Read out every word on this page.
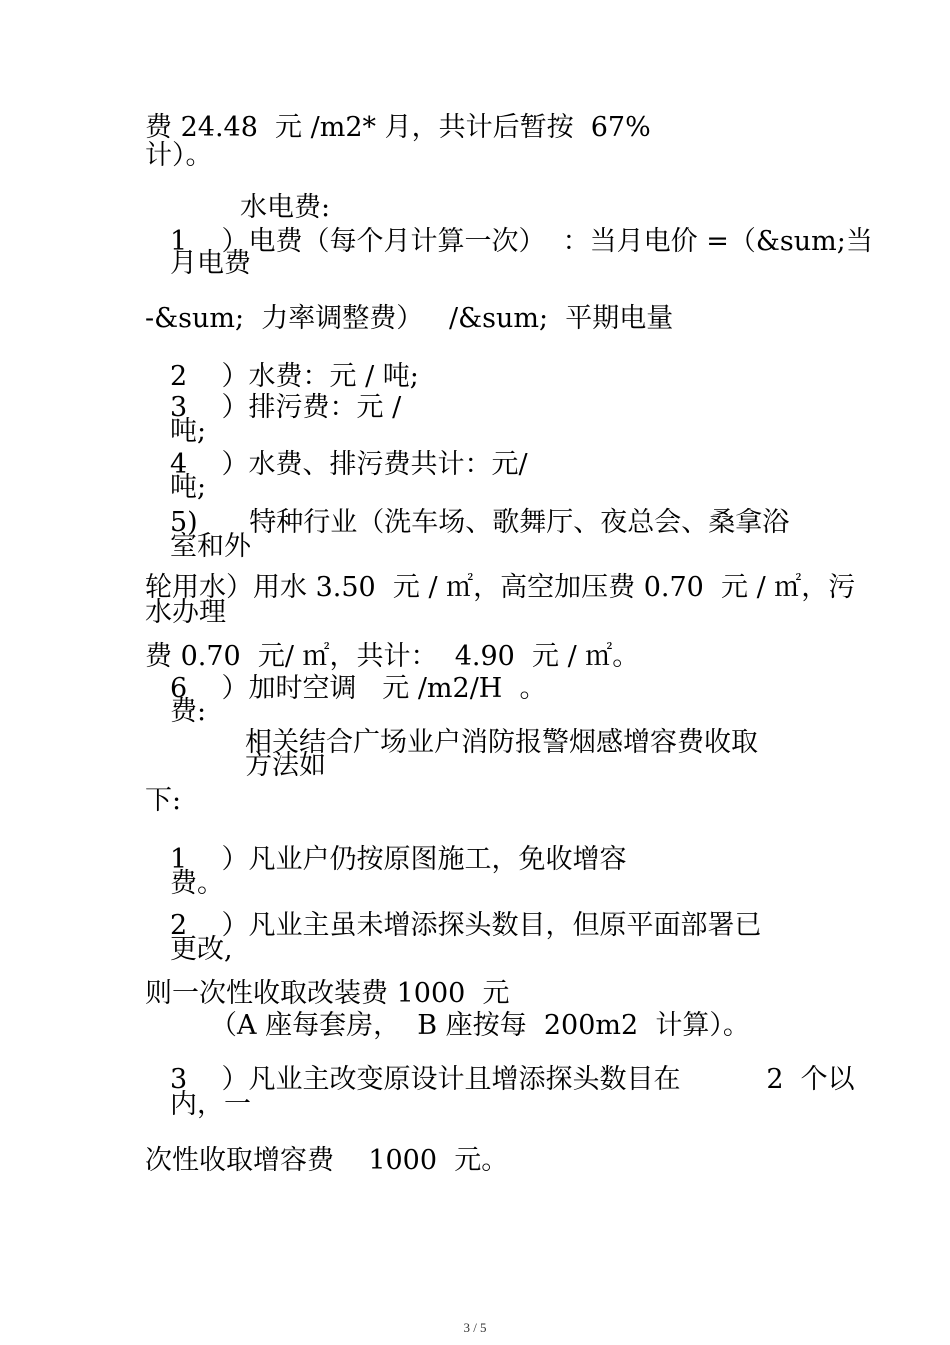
费 24.48  元 /m2* 月，共计后暂按  67%
计）。
水电费:
1    ）电费（每个月计算一次）  ：当月电价 =（&sum;当
月电费
-&sum;  力率调整费）   /&sum;  平期电量
2    ）水费：元 / 吨;
3    ）排污费：元 /
吨;
4    ）水费、排污费共计：元/
吨;
5)      特种行业（洗车场、歌舞厅、夜总会、桑拿浴
室和外
轮用水）用水 3.50  元 / ㎡，高空加压费 0.70  元 / ㎡，污
水办理
费 0.70  元/ ㎡，共计：  4.90  元 / ㎡。
6    ）加时空调   元 /m2/H  。
费:
相关结合广场业户消防报警烟感增容费收取
方法如
下:
1    ）凡业户仍按原图施工，免收增容
费。
2    ）凡业主虽未增添探头数目，但原平面部署已
更改,
则一次性收取改装费 1000  元
（A 座每套房，  B 座按每  200m2  计算）。
3    ）凡业主改变原设计且增添探头数目在          2  个以
内，一
次性收取增容费    1000  元。
3 / 5
